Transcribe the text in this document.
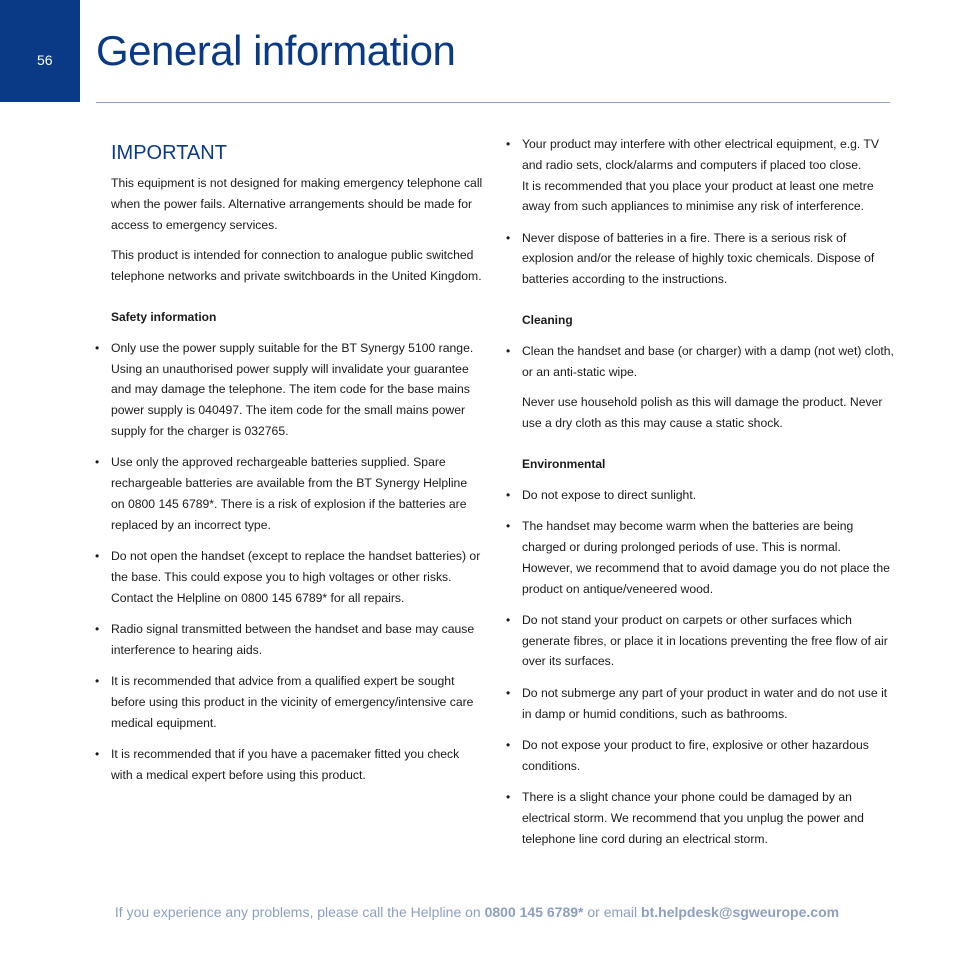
56 General information
IMPORTANT

This equipment is not designed for making emergency telephone call when the power fails. Alternative arrangements should be made for access to emergency services.

This product is intended for connection to analogue public switched telephone networks and private switchboards in the United Kingdom.

Safety information

• Only use the power supply suitable for the BT Synergy 5100 range. Using an unauthorised power supply will invalidate your guarantee and may damage the telephone. The item code for the base mains power supply is 040497. The item code for the small mains power supply for the charger is 032765.

• Use only the approved rechargeable batteries supplied. Spare rechargeable batteries are available from the BT Synergy Helpline on 0800 145 6789*. There is a risk of explosion if the batteries are replaced by an incorrect type.

• Do not open the handset (except to replace the handset batteries) or the base. This could expose you to high voltages or other risks. Contact the Helpline on 0800 145 6789* for all repairs.

• Radio signal transmitted between the handset and base may cause interference to hearing aids.

• It is recommended that advice from a qualified expert be sought before using this product in the vicinity of emergency/intensive care medical equipment.

• It is recommended that if you have a pacemaker fitted you check with a medical expert before using this product.

• Your product may interfere with other electrical equipment, e.g. TV and radio sets, clock/alarms and computers if placed too close.

It is recommended that you place your product at least one metre away from such appliances to minimise any risk of interference.

• Never dispose of batteries in a fire. There is a serious risk of explosion and/or the release of highly toxic chemicals. Dispose of batteries according to the instructions.

Cleaning

• Clean the handset and base (or charger) with a damp (not wet) cloth, or an anti-static wipe.

Never use household polish as this will damage the product. Never use a dry cloth as this may cause a static shock.

Environmental

• Do not expose to direct sunlight.

• The handset may become warm when the batteries are being charged or during prolonged periods of use. This is normal. However, we recommend that to avoid damage you do not place the product on antique/veneered wood.

• Do not stand your product on carpets or other surfaces which generate fibres, or place it in locations preventing the free flow of air over its surfaces.

• Do not submerge any part of your product in water and do not use it in damp or humid conditions, such as bathrooms.

• Do not expose your product to fire, explosive or other hazardous conditions.

• There is a slight chance your phone could be damaged by an electrical storm. We recommend that you unplug the power and telephone line cord during an electrical storm.

If you experience any problems, please call the Helpline on 0800 145 6789* or email bt.helpdesk@sgweurope.com
